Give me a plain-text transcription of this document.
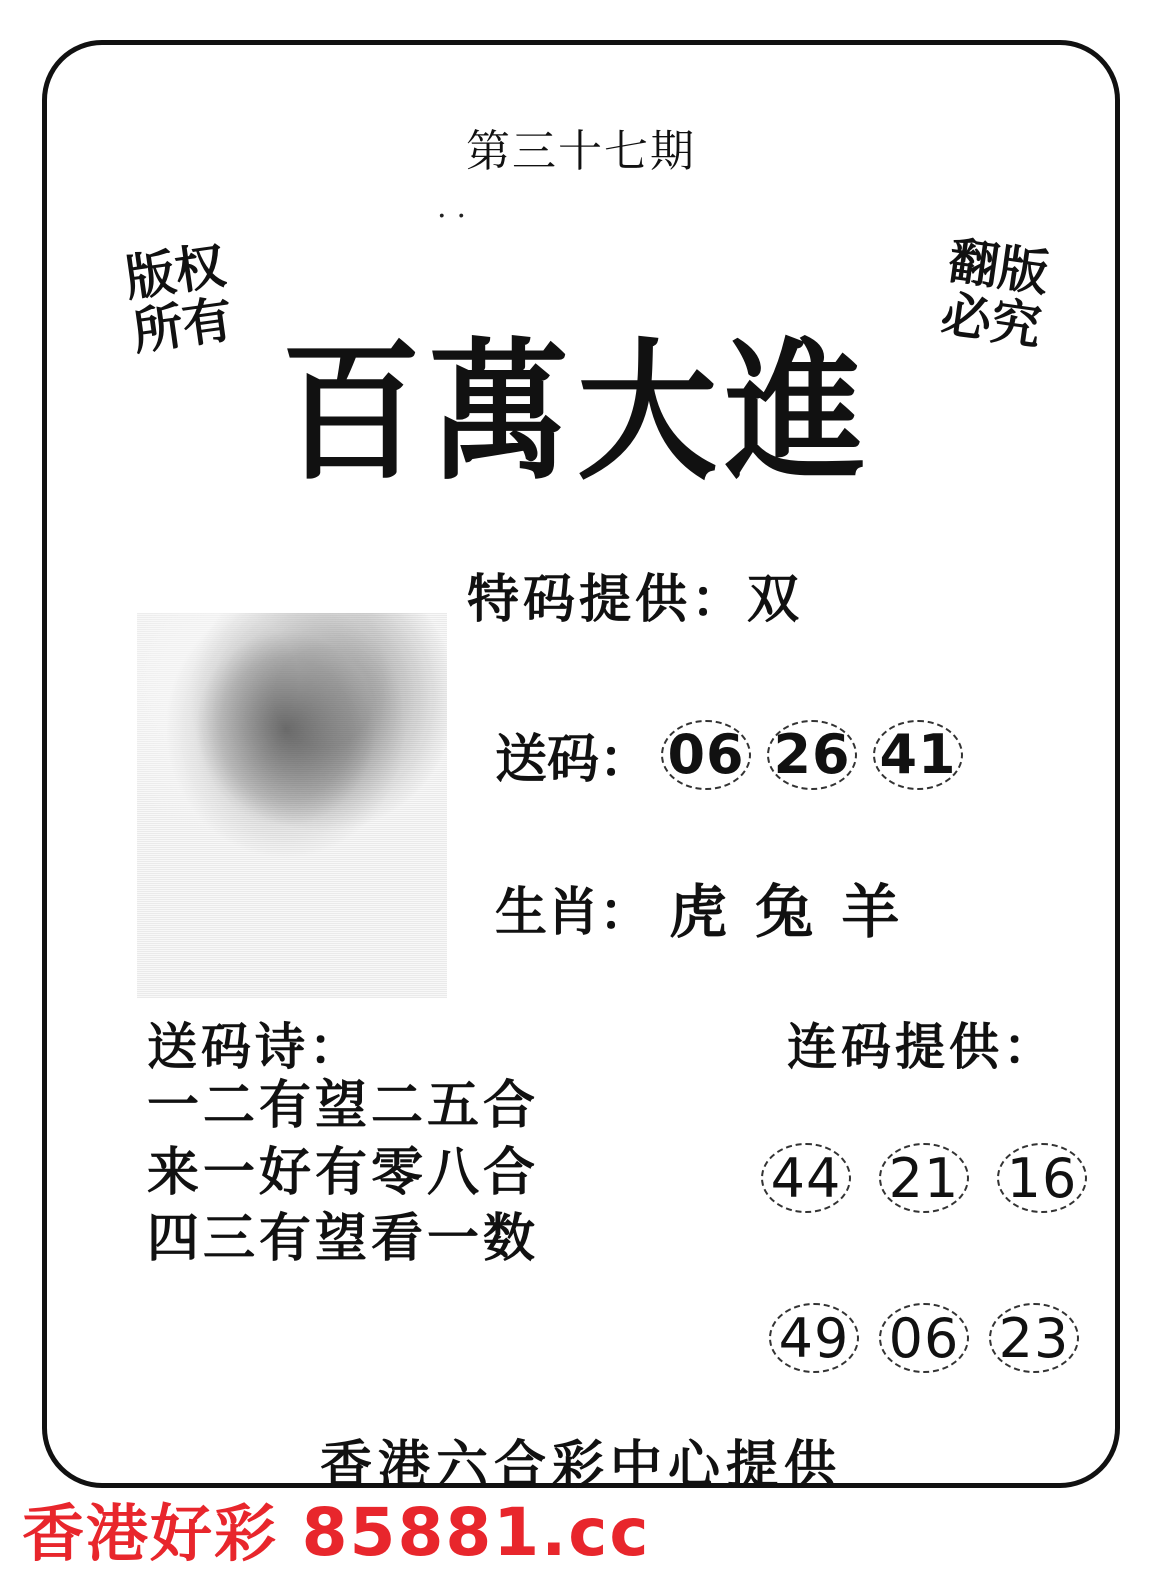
第三十七期
..
版权所有
翻版必究
百萬大進
特码提供：双
送码： 06 26 41
生肖： 虎 兔 羊
送码诗：
一二有望二五合
来一好有零八合
四三有望看一数
连码提供：
44 21 16
49 06 23
香港六合彩中心提供
香港好彩 85881.cc
